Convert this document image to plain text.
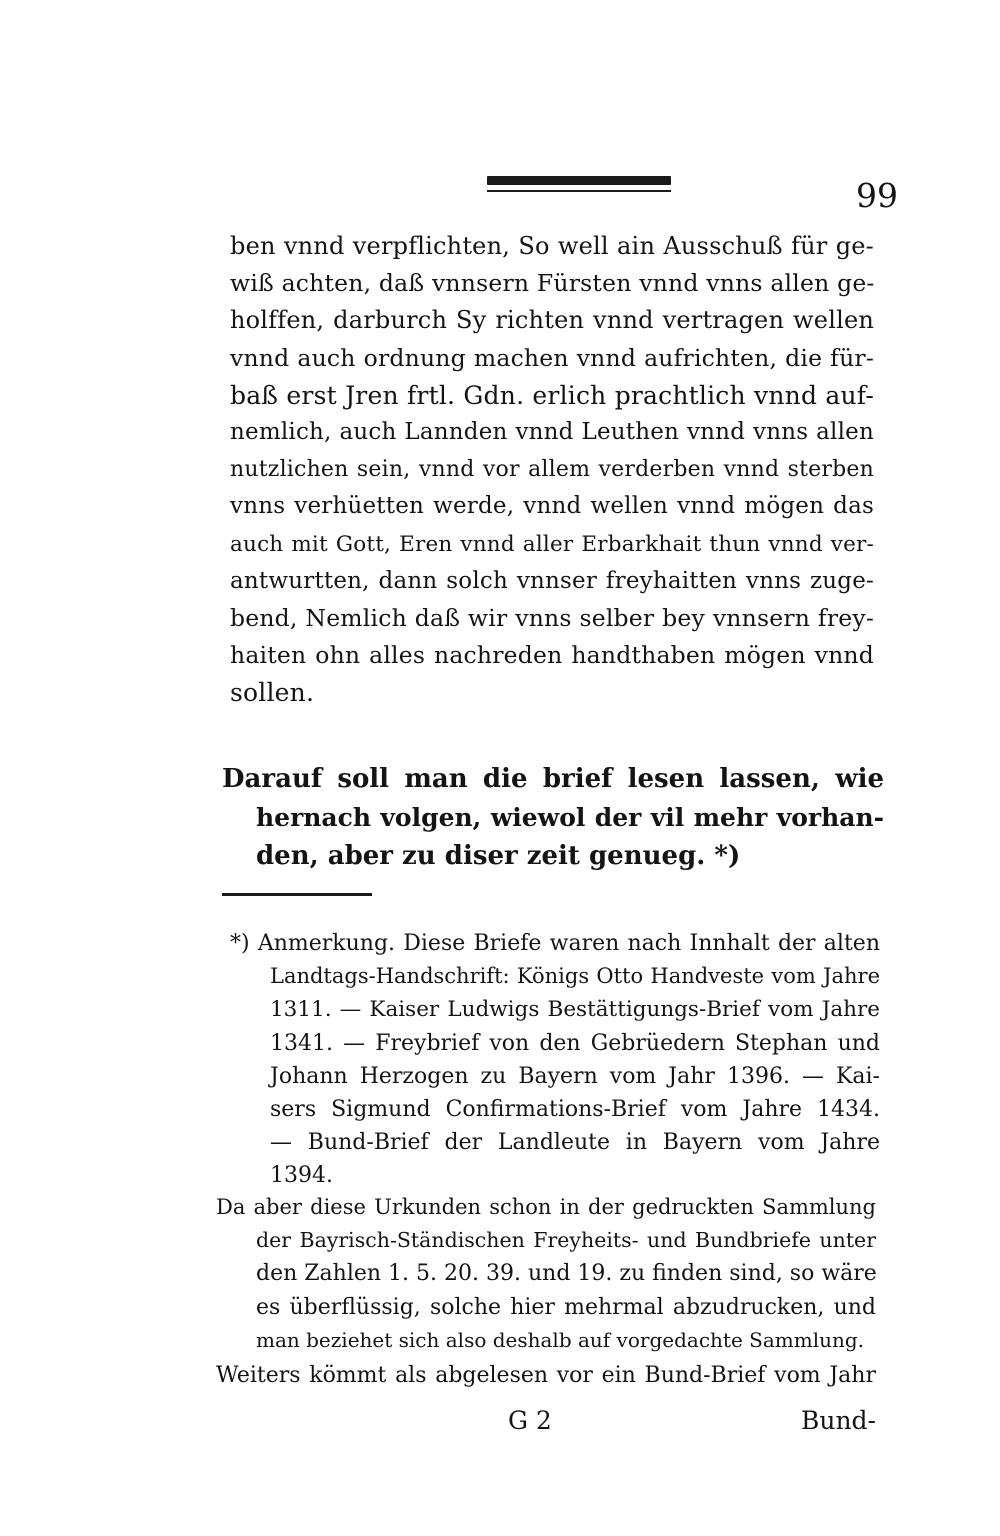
99
ben vnnd verpflichten, So well ain Ausschuß für ge-
wiß achten, daß vnnsern Fürsten vnnd vnns allen ge-
holffen, darburch Sy richten vnnd vertragen wellen
vnnd auch ordnung machen vnnd aufrichten, die für-
baß erst Jren frtl. Gdn. erlich prachtlich vnnd auf-
nemlich, auch Lannden vnnd Leuthen vnnd vnns allen
nutzlichen sein, vnnd vor allem verderben vnnd sterben
vnns verhüetten werde, vnnd wellen vnnd mögen das
auch mit Gott, Eren vnnd aller Erbarkhait thun vnnd ver-
antwurtten, dann solch vnnser freyhaitten vnns zuge-
bend, Nemlich daß wir vnns selber bey vnnsern frey-
haiten ohn alles nachreden handthaben mögen vnnd
sollen.
Darauf soll man die brief lesen lassen, wie
hernach volgen, wiewol der vil mehr vorhan-
den, aber zu diser zeit genueg. *)
*) Anmerkung. Diese Briefe waren nach Innhalt der alten
Landtags-Handschrift: Königs Otto Handveste vom Jahre
1311. — Kaiser Ludwigs Bestättigungs-Brief vom Jahre
1341. — Freybrief von den Gebrüedern Stephan und
Johann Herzogen zu Bayern vom Jahr 1396. — Kai-
sers Sigmund Confirmations-Brief vom Jahre 1434.
— Bund-Brief der Landleute in Bayern vom Jahre
1394.
Da aber diese Urkunden schon in der gedruckten Sammlung
der Bayrisch-Ständischen Freyheits- und Bundbriefe unter
den Zahlen 1. 5. 20. 39. und 19. zu finden sind, so wäre
es überflüssig, solche hier mehrmal abzudrucken, und
man beziehet sich also deshalb auf vorgedachte Sammlung.
Weiters kömmt als abgelesen vor ein Bund-Brief vom Jahr
G 2	Bund-
